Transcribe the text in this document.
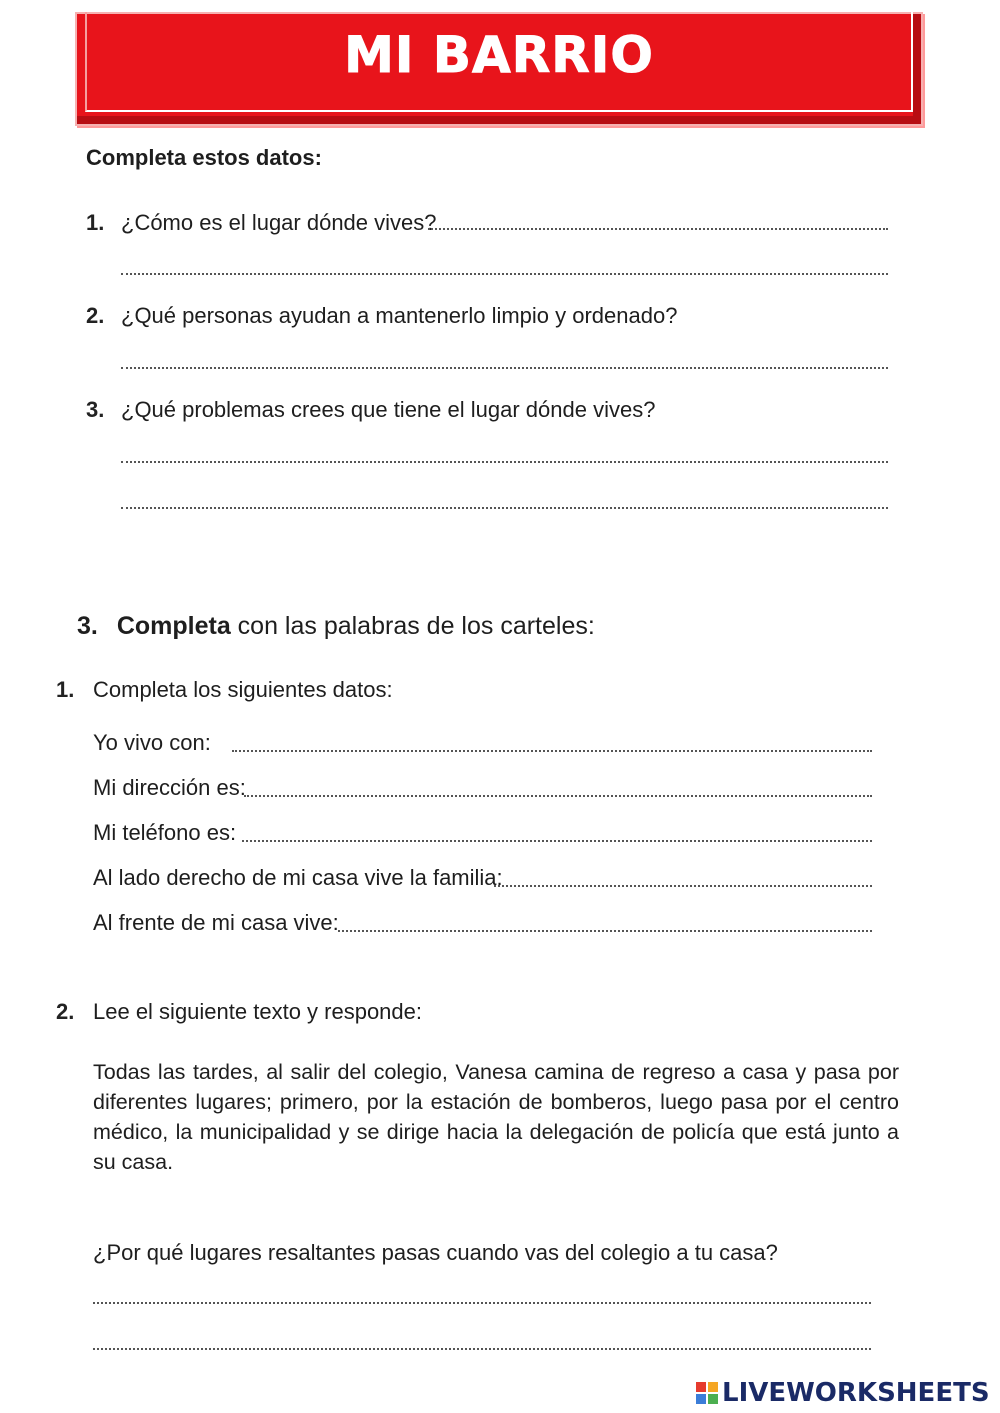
MI BARRIO
Completa estos datos:
1. ¿Cómo es el lugar dónde vives?
2. ¿Qué personas ayudan a mantenerlo limpio y ordenado?
3. ¿Qué problemas crees que tiene el lugar dónde vives?
3. Completa con las palabras de los carteles:
1. Completa los siguientes datos:
Yo vivo con:
Mi dirección es:
Mi teléfono es:
Al lado derecho de mi casa vive la familia:
Al frente de mi casa vive:
2. Lee el siguiente texto y responde:
Todas las tardes, al salir del colegio, Vanesa camina de regreso a casa y pasa por diferentes lugares; primero, por la estación de bomberos, luego pasa por el centro médico, la municipalidad y se dirige hacia la delegación de policía que está junto a su casa.
¿Por qué lugares resaltantes pasas cuando vas del colegio a tu casa?
LIVEWORKSHEETS
